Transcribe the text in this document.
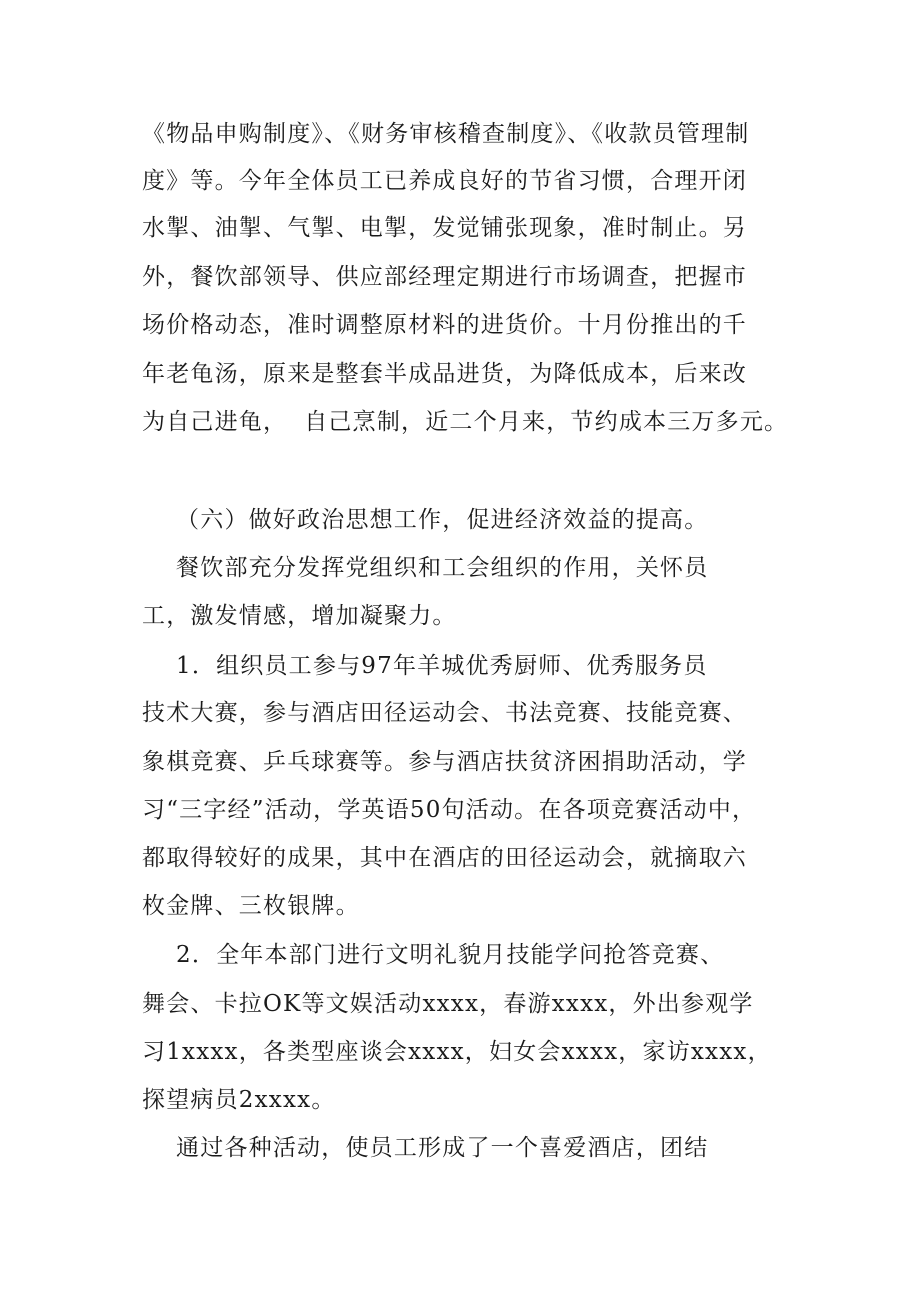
《物品申购制度》、《财务审核稽查制度》、《收款员管理制
度》等。今年全体员工已养成良好的节省习惯，合理开闭
水掣、油掣、气掣、电掣，发觉铺张现象，准时制止。另
外，餐饮部领导、供应部经理定期进行市场调查，把握市
场价格动态，准时调整原材料的进货价。十月份推出的千
年老龟汤，原来是整套半成品进货，为降低成本，后来改
为自己进龟，  自己烹制，近二个月来，节约成本三万多元。
（六）做好政治思想工作，促进经济效益的提高。
餐饮部充分发挥党组织和工会组织的作用，关怀员
工，激发情感，增加凝聚力。
1．组织员工参与97年羊城优秀厨师、优秀服务员
技术大赛，参与酒店田径运动会、书法竞赛、技能竞赛、
象棋竞赛、乒乓球赛等。参与酒店扶贫济困捐助活动，学
习“三字经”活动，学英语50句活动。在各项竞赛活动中，
都取得较好的成果，其中在酒店的田径运动会，就摘取六
枚金牌、三枚银牌。
2．全年本部门进行文明礼貌月技能学问抢答竞赛、
舞会、卡拉OK等文娱活动xxxx，春游xxxx，外出参观学
习1xxxx，各类型座谈会xxxx，妇女会xxxx，家访xxxx，
探望病员2xxxx。
通过各种活动，使员工形成了一个喜爱酒店，团结
